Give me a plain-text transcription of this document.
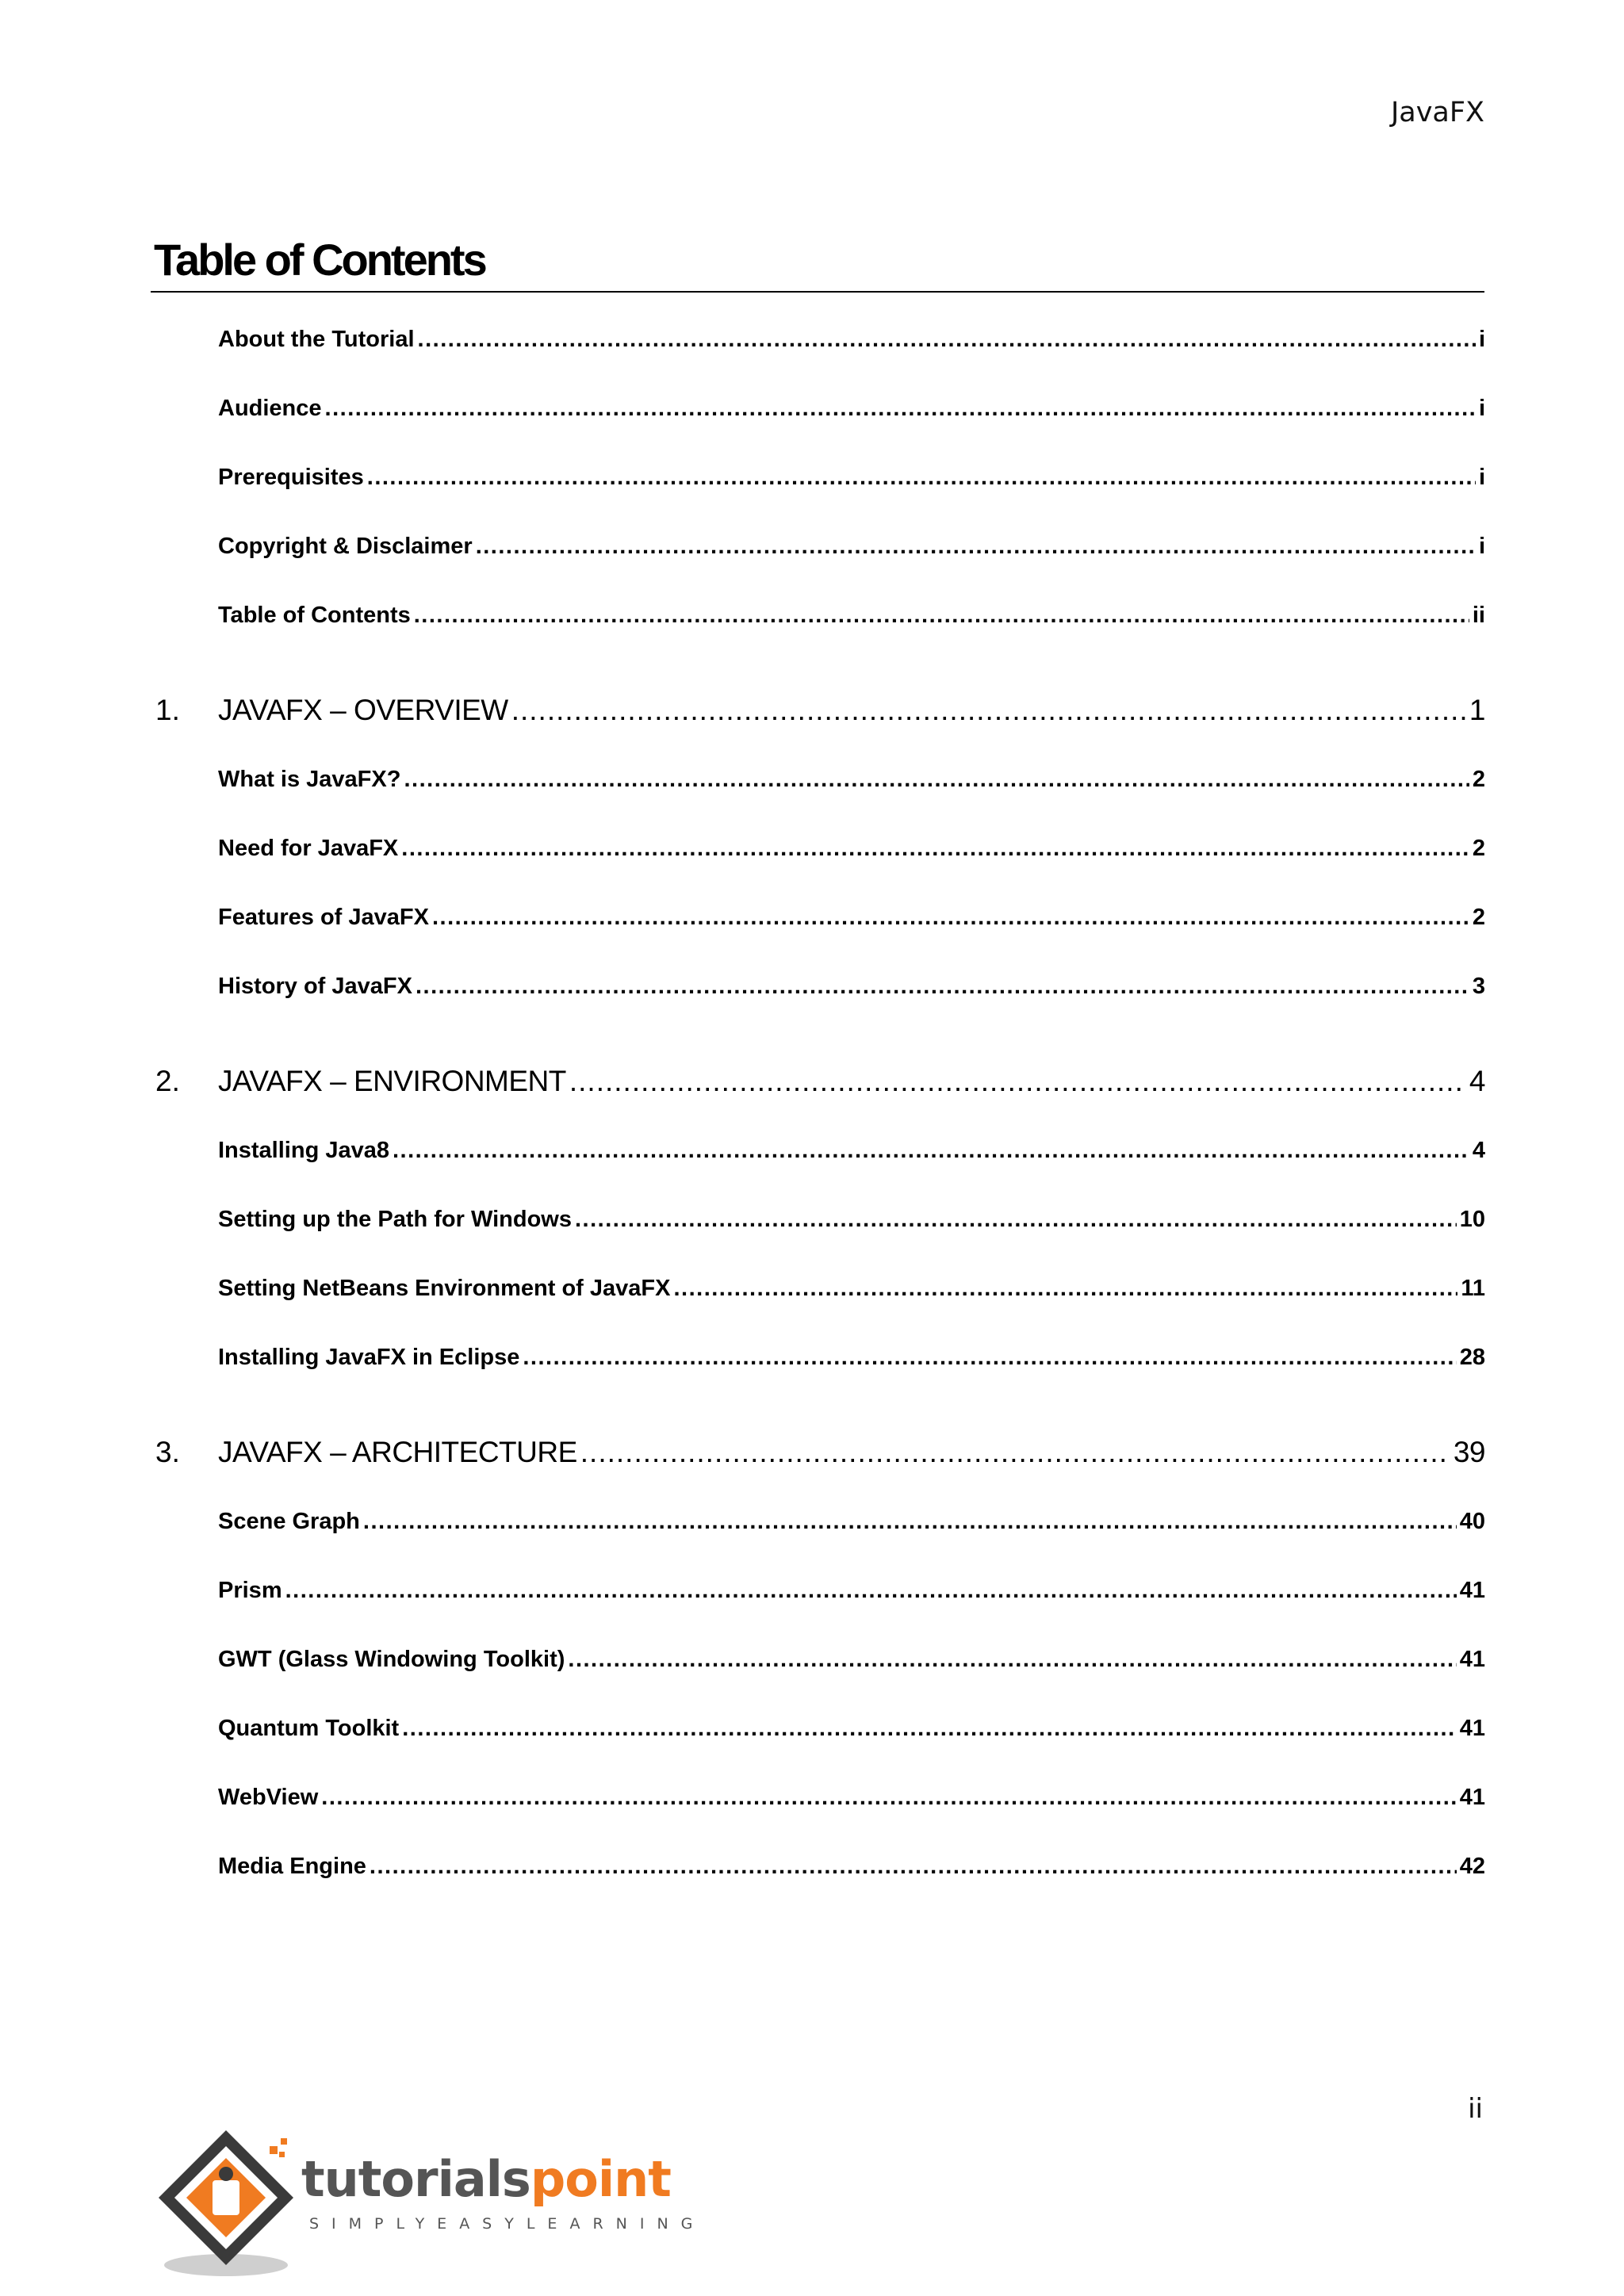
JavaFX
Table of Contents
About the Tutorial .....	i
Audience .....	i
Prerequisites .....	i
Copyright & Disclaimer .....	i
Table of Contents .....	ii
1. JAVAFX – OVERVIEW .....	1
What is JavaFX? .....	2
Need for JavaFX .....	2
Features of JavaFX .....	2
History of JavaFX .....	3
2. JAVAFX – ENVIRONMENT .....	4
Installing Java8 .....	4
Setting up the Path for Windows .....	10
Setting NetBeans Environment of JavaFX .....	11
Installing JavaFX in Eclipse .....	28
3. JAVAFX – ARCHITECTURE .....	39
Scene Graph .....	40
Prism .....	41
GWT (Glass Windowing Toolkit) .....	41
Quantum Toolkit .....	41
WebView .....	41
Media Engine .....	42
ii
tutorialspoint
SIMPLYEASYLEARNING
